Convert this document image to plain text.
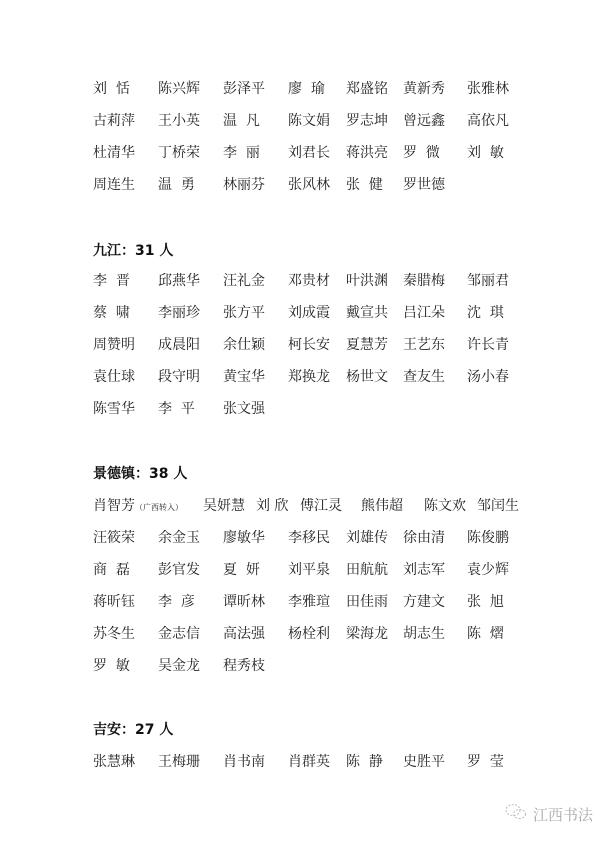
刘  恬 陈兴辉 彭泽平 廖  瑜 郑盛铭 黄新秀 张雅林
古莉萍 王小英 温  凡 陈文娟 罗志坤 曾远鑫 高依凡
杜清华 丁桥荣 李  丽 刘君长 蒋洪亮 罗  微 刘  敏
周连生 温  勇 林丽芬 张风林 张  健 罗世德
九江：31 人
李  晋 邱燕华 汪礼金 邓贵材 叶洪渊 秦腊梅 邹丽君
蔡  啸 李丽珍 张方平 刘成霞 戴宣共 吕江朵 沈  琪
周赞明 成晨阳 余仕颖 柯长安 夏慧芳 王艺东 许长青
袁仕球 段守明 黄宝华 郑换龙 杨世文 查友生 汤小春
陈雪华 李  平 张文强
景德镇：38 人
肖智芳（广西转入） 吴妍慧 刘 欣 傅江灵 熊伟超 陈文欢 邹闰生
汪筱荣 余金玉 廖敏华 李移民 刘雄传 徐由清 陈俊鹏
商  磊 彭官发 夏  妍 刘平泉 田航航 刘志军 袁少辉
蒋昕钰 李  彦 谭昕林 李雅瑄 田佳雨 方建文 张  旭
苏冬生 金志信 高法强 杨栓利 梁海龙 胡志生 陈  熠
罗  敏 吴金龙 程秀枝
吉安：27 人
张慧琳 王梅珊 肖书南 肖群英 陈  静 史胜平 罗  莹
江西书法
